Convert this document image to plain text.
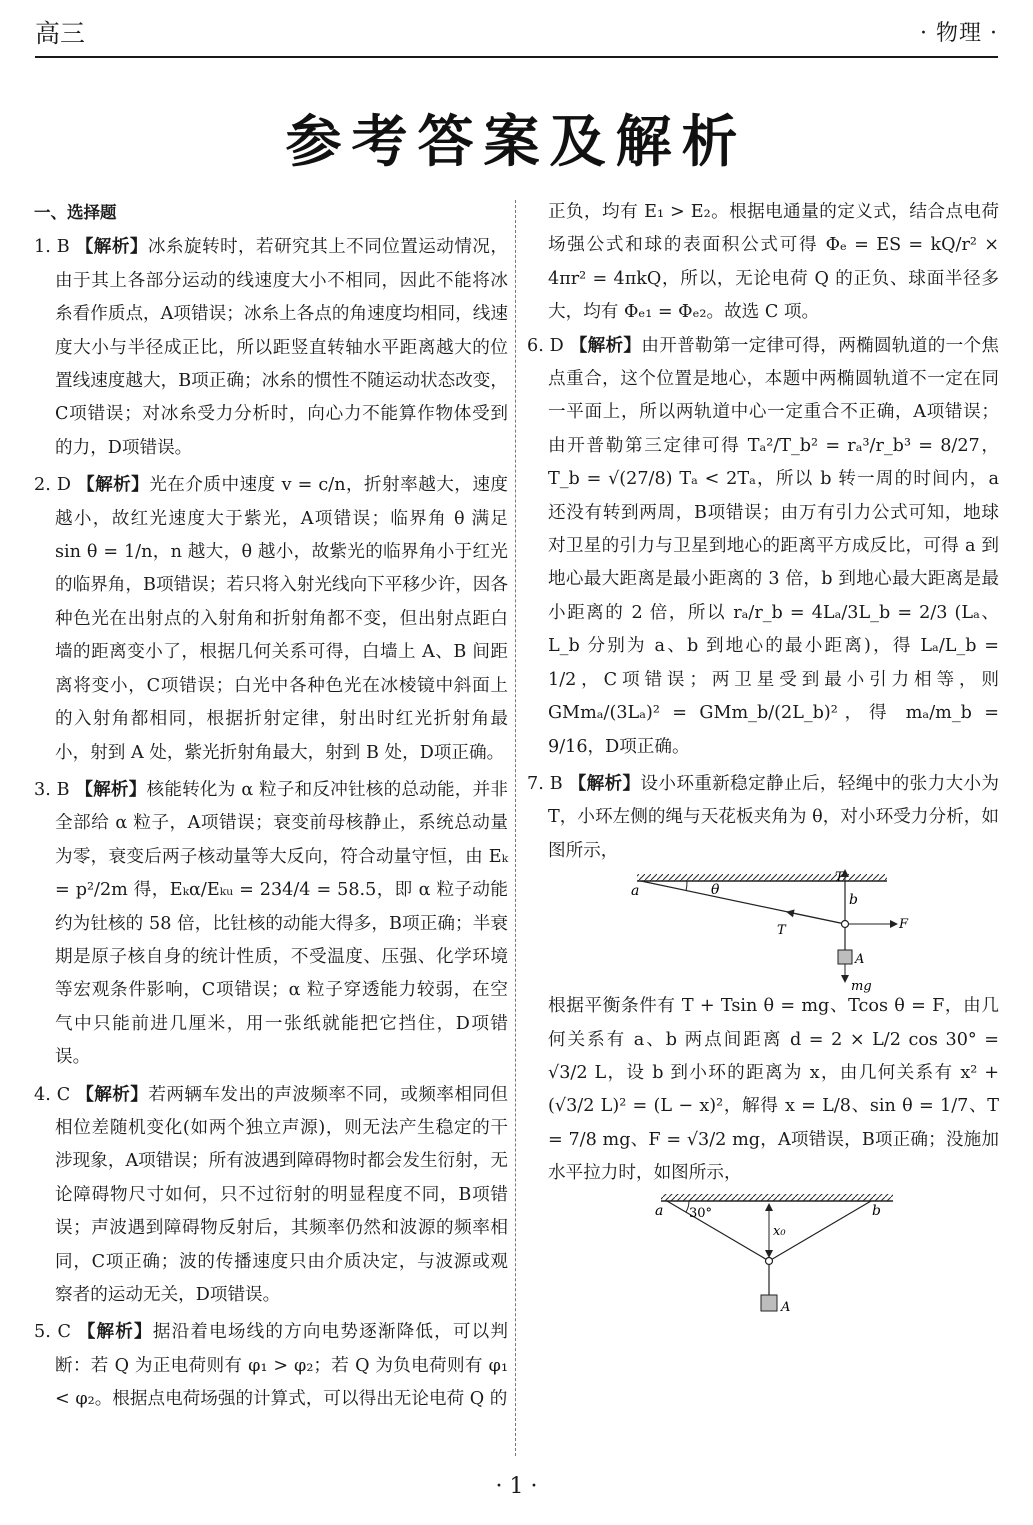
高三	· 物理 ·
参考答案及解析
一、选择题
1. B 【解析】冰糸旋转时，若研究其上不同位置运动情况，由于其上各部分运动的线速度大小不相同，因此不能将冰糸看作质点，A项错误；冰糸上各点的角速度均相同，线速度大小与半径成正比，所以距竖直转轴水平距离越大的位置线速度越大，B项正确；冰糸的惯性不随运动状态改变，C项错误；对冰糸受力分析时，向心力不能算作物体受到的力，D项错误。
2. D 【解析】光在介质中速度 v = c/n，折射率越大，速度越小，故红光速度大于紫光，A项错误；临界角 θ 满足 sin θ = 1/n，n 越大，θ 越小，故紫光的临界角小于红光的临界角，B项错误；若只将入射光线向下平移少许，因各种色光在出射点的入射角和折射角都不变，但出射点距白墙的距离变小了，根据几何关系可得，白墙上 A、B 间距离将变小，C项错误；白光中各种色光在冰棱镜中斜面上的入射角都相同，根据折射定律，射出时红光折射角最小，射到 A 处，紫光折射角最大，射到 B 处，D项正确。
3. B 【解析】核能转化为 α 粒子和反冲钍核的总动能，并非全部给 α 粒子，A项错误；衰变前母核静止，系统总动量为零，衰变后两子核动量等大反向，符合动量守恒，由 Eₖ = p²/2m 得，Eₖα/Eₖᵤ = 234/4 = 58.5，即 α 粒子动能约为钍核的 58 倍，比钍核的动能大得多，B项正确；半衰期是原子核自身的统计性质，不受温度、压强、化学环境等宏观条件影响，C项错误；α 粒子穿透能力较弱，在空气中只能前进几厘米，用一张纸就能把它挡住，D项错误。
4. C 【解析】若两辆车发出的声波频率不同，或频率相同但相位差随机变化(如两个独立声源)，则无法产生稳定的干涉现象，A项错误；所有波遇到障碍物时都会发生衍射，无论障碍物尺寸如何，只不过衍射的明显程度不同，B项错误；声波遇到障碍物反射后，其频率仍然和波源的频率相同，C项正确；波的传播速度只由介质决定，与波源或观察者的运动无关，D项错误。
5. C 【解析】据沿着电场线的方向电势逐渐降低，可以判断：若 Q 为正电荷则有 φ₁ > φ₂；若 Q 为负电荷则有 φ₁ < φ₂。根据点电荷场强的计算式，可以得出无论电荷 Q 的
正负，均有 E₁ > E₂。根据电通量的定义式，结合点电荷场强公式和球的表面积公式可得 Φₑ = ES = kQ/r² × 4πr² = 4πkQ，所以，无论电荷 Q 的正负、球面半径多大，均有 Φₑ₁ = Φₑ₂。故选 C 项。
6. D 【解析】由开普勒第一定律可得，两椭圆轨道的一个焦点重合，这个位置是地心，本题中两椭圆轨道不一定在同一平面上，所以两轨道中心一定重合不正确，A项错误；由开普勒第三定律可得 Tₐ²/T_b² = rₐ³/r_b³ = 8/27，T_b = √(27/8) Tₐ < 2Tₐ，所以 b 转一周的时间内，a 还没有转到两周，B项错误；由万有引力公式可知，地球对卫星的引力与卫星到地心的距离平方成反比，可得 a 到地心最大距离是最小距离的 3 倍，b 到地心最大距离是最小距离的 2 倍，所以 rₐ/r_b = 4Lₐ/3L_b = 2/3 (Lₐ、L_b 分别为 a、b 到地心的最小距离)，得 Lₐ/L_b = 1/2，C项错误；两卫星受到最小引力相等，则 GMmₐ/(3Lₐ)² = GMm_b/(2L_b)²，得 mₐ/m_b = 9/16，D项正确。
7. B 【解析】设小环重新稳定静止后，轻绳中的张力大小为 T，小环左侧的绳与天花板夹角为 θ，对小环受力分析，如图所示，
a	θ
T
b
T	F
A
mg
根据平衡条件有 T + Tsin θ = mg、Tcos θ = F，由几何关系有 a、b 两点间距离 d = 2 × L/2 cos 30° = √3/2 L，设 b 到小环的距离为 x，由几何关系有 x² + (√3/2 L)² = (L − x)²，解得 x = L/8、sin θ = 1/7、T = 7/8 mg、F = √3/2 mg，A项错误，B项正确；没施加水平拉力时，如图所示，
a 30°	b
x₀
A
· 1 ·
